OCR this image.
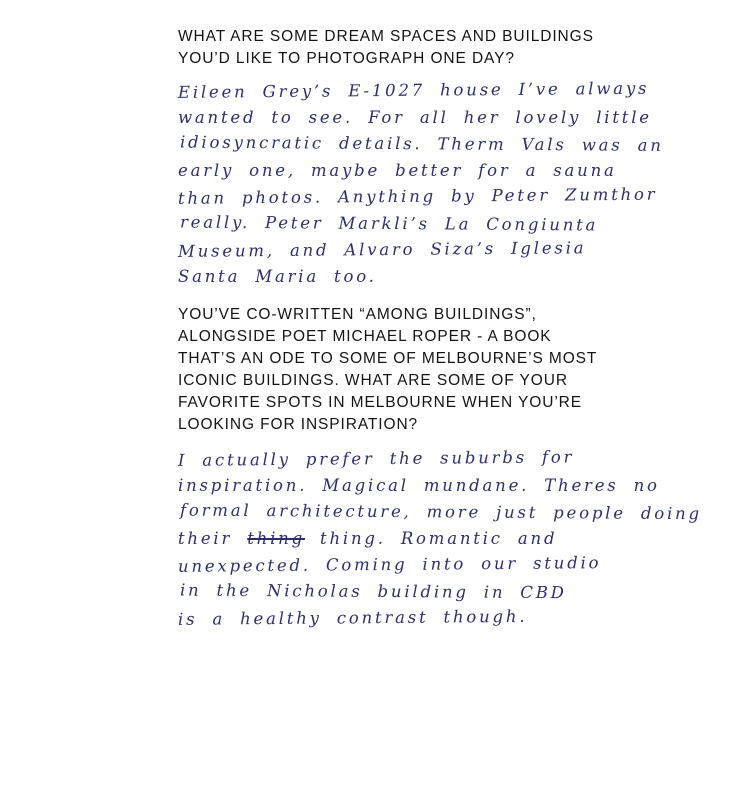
WHAT ARE SOME DREAM SPACES AND BUILDINGS YOU’D LIKE TO PHOTOGRAPH ONE DAY?
Eileen Grey’s E-1027 house I’ve always
wanted to see. For all her lovely little
idiosyncratic details. Therm Vals was an
early one, maybe better for a sauna
than photos. Anything by Peter Zumthor
really. Peter Markli’s La Congiunta
Museum, and Alvaro Siza’s Iglesia
Santa Maria too.
YOU’VE CO-WRITTEN “AMONG BUILDINGS”, ALONGSIDE POET MICHAEL ROPER - A BOOK THAT’S AN ODE TO SOME OF MELBOURNE’S MOST ICONIC BUILDINGS. WHAT ARE SOME OF YOUR FAVORITE SPOTS IN MELBOURNE WHEN YOU’RE LOOKING FOR INSPIRATION?
I actually prefer the suburbs for
inspiration. Magical mundane. Theres no
formal architecture, more just people doing
their thing thing. Romantic and
unexpected. Coming into our studio
in the Nicholas building in CBD
is a healthy contrast though.
